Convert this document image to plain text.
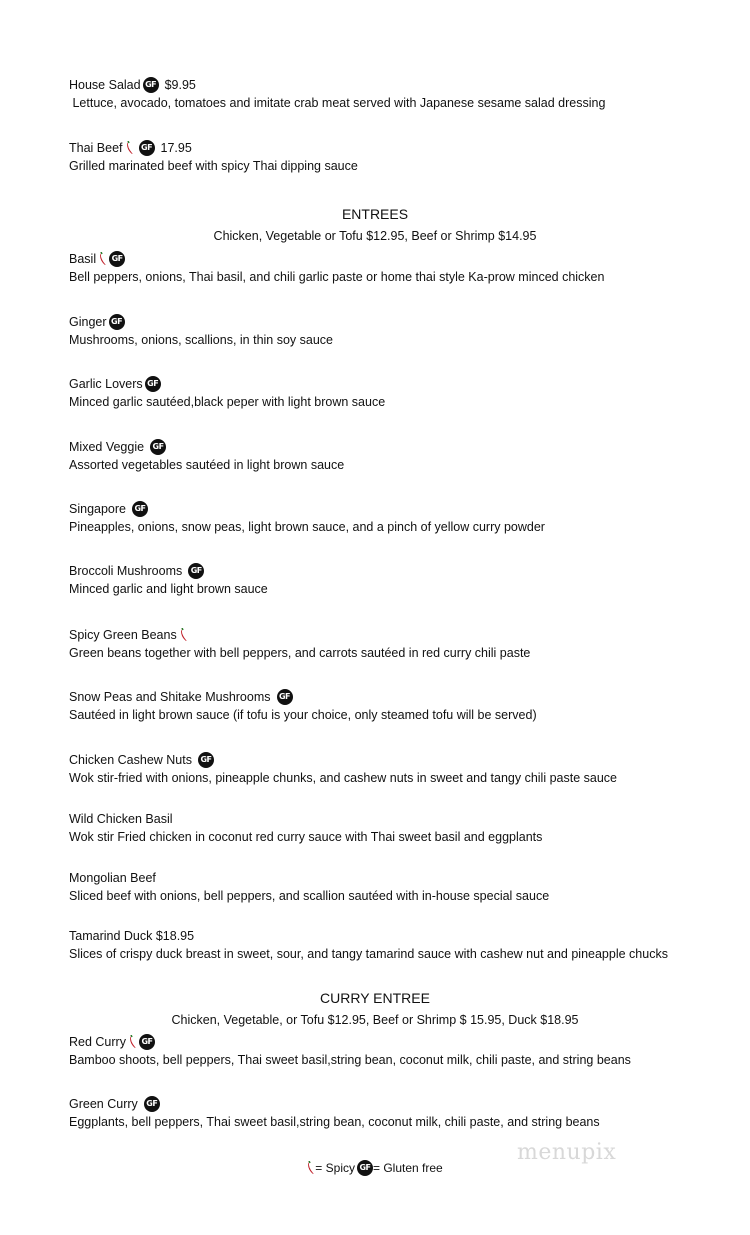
House Salad GF $9.95
Lettuce, avocado, tomatoes and imitate crab meat served with Japanese sesame salad dressing
Thai Beef	GF 17.95
Grilled marinated beef with spicy Thai dipping sauce
ENTREES
Chicken, Vegetable or Tofu $12.95, Beef or Shrimp $14.95
Basil	GF
Bell peppers, onions, Thai basil, and chili garlic paste or home thai style Ka-prow minced chicken
Ginger GF
Mushrooms, onions, scallions, in thin soy sauce
Garlic Lovers GF
Minced garlic sautéed,black peper with light brown sauce
Mixed Veggie	GF
Assorted vegetables sautéed in light brown sauce
Singapore	GF
Pineapples, onions, snow peas, light brown sauce, and a pinch of yellow curry powder
Broccoli Mushrooms	GF
Minced garlic and light brown sauce
Spicy Green Beans
Green beans together with bell peppers, and carrots sautéed in red curry chili paste
Snow Peas and Shitake Mushrooms	GF
Sautéed in light brown sauce (if tofu is your choice, only steamed tofu will be served)
Chicken Cashew Nuts	GF
Wok stir-fried with onions, pineapple chunks, and cashew nuts in sweet and tangy chili paste sauce
Wild Chicken Basil
Wok stir Fried chicken in coconut red curry sauce with Thai sweet basil and eggplants
Mongolian Beef
Sliced beef with onions, bell peppers, and scallion sautéed with in-house special sauce
Tamarind Duck $18.95
Slices of crispy duck breast in sweet, sour, and tangy tamarind sauce with cashew nut and pineapple chucks
CURRY ENTREE
Chicken, Vegetable, or Tofu $12.95, Beef or Shrimp $ 15.95, Duck $18.95
Red Curry	GF
Bamboo shoots, bell peppers, Thai sweet basil,string bean, coconut milk, chili paste, and string beans
Green Curry	GF
Eggplants, bell peppers, Thai sweet basil,string bean, coconut milk, chili paste, and string beans
menupix
= Spicy GF = Gluten free
